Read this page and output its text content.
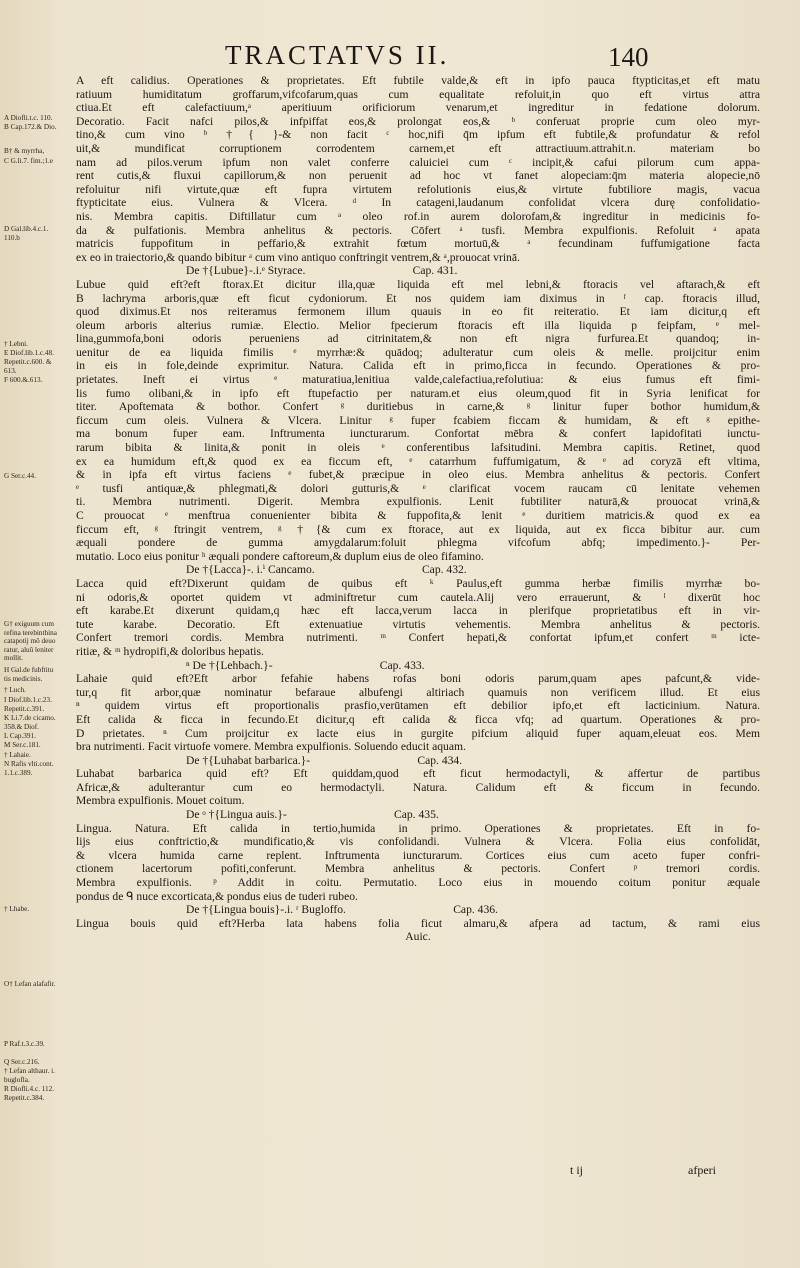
TRACTATVS II.	140
A Diofli.t.c. 110.
B Cap.172.& Dio.
B† & myrrha,
C G.li.7. fim.;1.e
D Gal.lib.4.c.1.
110.b
† Lebni.
E Diof.lib.1.c.48.
Repetit.c.600. &
613.
F 600.&.613.
G Ser.c.44.
G† exiguum cum
refina terebinthina
catapotij mô deuo
ratur, aluû leniter
mollit.
H Gal.de fubftitu
tis medicinis.
† Luch.
I Diof.lib.1.c.23.
Repetit.c.391.
K Li.7.de cicamo.
358.& Diof.
L Cap.391.
M Ser.c.181.
† Lahaie.
N Rafis vlti.cont.
1.1.c.389.
† Lhabe.
O† Lefan alafafir.
P Raf.t.3.c.39.
Q Ser.c.216.
† Lefan althaur. i.
buglofla.
R Diofli.4.c. 112.
Repetit.c.384.
A eft calidius. Operationes & proprietates. Eft fubtile valde,& eft in ipfo pauca ftypticitas,et eft matu
ratiuum humiditatum groffarum,vifcofarum,quas cum equalitate refoluit,in quo eft virtus attra
ctiua.Et eft calefactiuum,ᵃ aperitiuum orificiorum venarum,et ingreditur in fedatione dolorum.
Decoratio. Facit nafci pilos,& infpiffat eos,& prolongat eos,& ᵇ conferuat proprie cum oleo myr-
tino,& cum vino ᵇ †{ }-& non facit ᶜ hoc,nifi q̄m ipfum eft fubtile,& profundatur & refol
uit,& mundificat corruptionem corrodentem carnem,et eft attractiuum.attrahit.n. materiam bo
nam ad pilos.verum ipfum non valet conferre caluiciei cum ᶜ incipit,& cafui pilorum cum appa-
rent cutis,& fluxui capillorum,& non peruenit ad hoc vt fanet alopeciam:q̄m materia alopecie,nō
refoluitur nifi virtute,quæ eft fupra virtutem refolutionis eius,& virtute fubtiliore magis, vacua
ftypticitate eius. Vulnera & Vlcera. ᵈ In catageni,laudanum confolidat vlcera durę confolidatio-
nis. Membra capitis. Diftillatur cum ᵃ oleo rof.in aurem dolorofam,& ingreditur in medicinis fo-
da & pulfationis. Membra anhelitus & pectoris. Cōfert ᵃ tusfi. Membra expulfionis. Refoluit ᵃ apata
matricis fuppofitum in peffario,& extrahit fœtum mortuū,& ᵃ fecundinam fuffumigatione facta
ex eo in traiectorio,& quando bibitur ᵃ cum vino antiquo conftringit ventrem,& ᵃ,prouocat vrinā.
De †{Lubue}-.i.ᵉ Styrace.                                     Cap. 431.
Lubue quid eft?eft ftorax.Et dicitur illa,quæ liquida eft mel lebni,& ftoracis vel aftarach,& eft
B lachryma arboris,quæ eft ficut cydoniorum. Et nos quidem iam diximus in ᶠ cap. ftoracis illud,
quod diximus.Et nos reiteramus fermonem illum quauis in eo fit reiteratio. Et iam dicitur,q eft
oleum arboris alterius rumiæ. Electio. Melior fpecierum ftoracis eft illa liquida p feipfam, ᵉ mel-
lina,gummofa,boni odoris perueniens ad citrinitatem,& non eft nigra furfurea.Et quandoq; in-
uenitur de ea liquida fimilis ᵉ myrrhæ:& quādoq; adulteratur cum oleis & melle. proijcitur enim
in eis in fole,deinde exprimitur. Natura. Calida eft in primo,ficca in fecundo. Operationes & pro-
prietates. Ineft ei virtus ᵉ maturatiua,lenitiua valde,calefactiua,refolutiua: & eius fumus eft fimi-
lis fumo olibani,& in ipfo eft ftupefactio per naturam.et eius oleum,quod fit in Syria lenificat for
titer. Apoftemata & bothor. Confert ᵍ duritiebus in carne,& ᵍ linitur fuper bothor humidum,&
ficcum cum oleis. Vulnera & Vlcera. Linitur ᵍ fuper fcabiem ficcam & humidam, & eft ᵍ epithe-
ma bonum fuper eam. Inftrumenta iuncturarum. Confortat mēbra & confert lapidofitati iunctu-
rarum bibita & linita,& ponit in oleis ᵉ conferentibus lafsitudini. Membra capitis. Retinet, quod
ex ea humidum eft,& quod ex ea ficcum eft, ᵉ catarrhum fuffumigatum, & ᵉ ad coryzā eft vltima,
& in ipfa eft virtus faciens ᵉ fubet,& præcipue in oleo eius. Membra anhelitus & pectoris. Confert
ᵉ tusfi antiquæ,& phlegmati,& dolori gutturis,& ᵉ clarificat vocem raucam cū lenitate vehemen
ti. Membra nutrimenti. Digerit. Membra expulfionis. Lenit fubtiliter naturā,& prouocat vrinā,&
C prouocat ᵉ menftrua conuenienter bibita & fuppofita,& lenit ᵉ duritiem matricis.& quod ex ea
ficcum eft, ᵍ ftringit ventrem, ᵍ †{& cum ex ftorace, aut ex liquida, aut ex ficca bibitur aur. cum
æquali pondere de gumma amygdalarum:foluit phlegma vifcofum abfq; impedimento.}- Per-
mutatio. Loco eius ponitur ʰ æquali pondere caftoreum,& duplum eius de oleo fifamino.
De †{Lacca}-. i.ⁱ Cancamo.                                     Cap. 432.
Lacca quid eft?Dixerunt quidam de quibus eft ᵏ Paulus,eft gumma herbæ fimilis myrrhæ bo-
ni odoris,& oportet quidem vt adminiftretur cum cautela.Alij vero errauerunt, & ˡ dixerūt hoc
eft karabe.Et dixerunt quidam,q hæc eft lacca,verum lacca in plerifque proprietatibus eft in vir-
tute karabe. Decoratio. Eft extenuatiue virtutis vehementis. Membra anhelitus & pectoris.
Confert tremori cordis. Membra nutrimenti. ᵐ Confert hepati,& confortat ipfum,et confert ᵐ icte-
ritiæ, & ᵐ hydropifi,& doloribus hepatis.
ⁿ De †{Lehbach.}-                                     Cap. 433.
Lahaie quid eft?Eft arbor fefahie habens rofas boni odoris parum,quam apes pafcunt,& vide-
tur,q fit arbor,quæ nominatur befaraue albufengi altiriach quamuis non verificem illud. Et eius
ⁿ quidem virtus eft proportionalis prasfio,verūtamen eft debilior ipfo,et eft lacticinium. Natura.
Eft calida & ficca in fecundo.Et dicitur,q eft calida & ficca vfq; ad quartum. Operationes & pro-
D prietates. ⁿ Cum proijcitur ex lacte eius in gurgite pifcium aliquid fuper aquam,eleuat eos. Mem
bra nutrimenti. Facit virtuofe vomere. Membra expulfionis. Soluendo educit aquam.
De †{Luhabat barbarica.}-                                     Cap. 434.
Luhabat barbarica quid eft? Eft quiddam,quod eft ficut hermodactyli, & affertur de partibus
Africæ,& adulterantur cum eo hermodactyli. Natura. Calidum eft & ficcum in fecundo.
Membra expulfionis. Mouet coitum.
De ᵒ †{Lingua auis.}-                                     Cap. 435.
Lingua. Natura. Eft calida in tertio,humida in primo. Operationes & proprietates. Eft in fo-
lijs eius conftrictio,& mundificatio,& vis confolidandi. Vulnera & Vlcera. Folia eius confolidāt,
& vlcera humida carne replent. Inftrumenta iuncturarum. Cortices eius cum aceto fuper confri-
ctionem lacertorum pofiti,conferunt. Membra anhelitus & pectoris. Confert ᵖ tremori cordis.
Membra expulfionis. ᵖ Addit in coitu. Permutatio. Loco eius in mouendo coitum ponitur æquale
pondus de ᑫ nuce excorticata,& pondus eius de tuderi rubeo.
De †{Lingua bouis}-.i. ʳ Bugloffo.                                     Cap. 436.
Lingua bouis quid eft?Herba lata habens folia ficut almaru,& afpera ad tactum, & rami eius
Auic.
t ij	afperi
